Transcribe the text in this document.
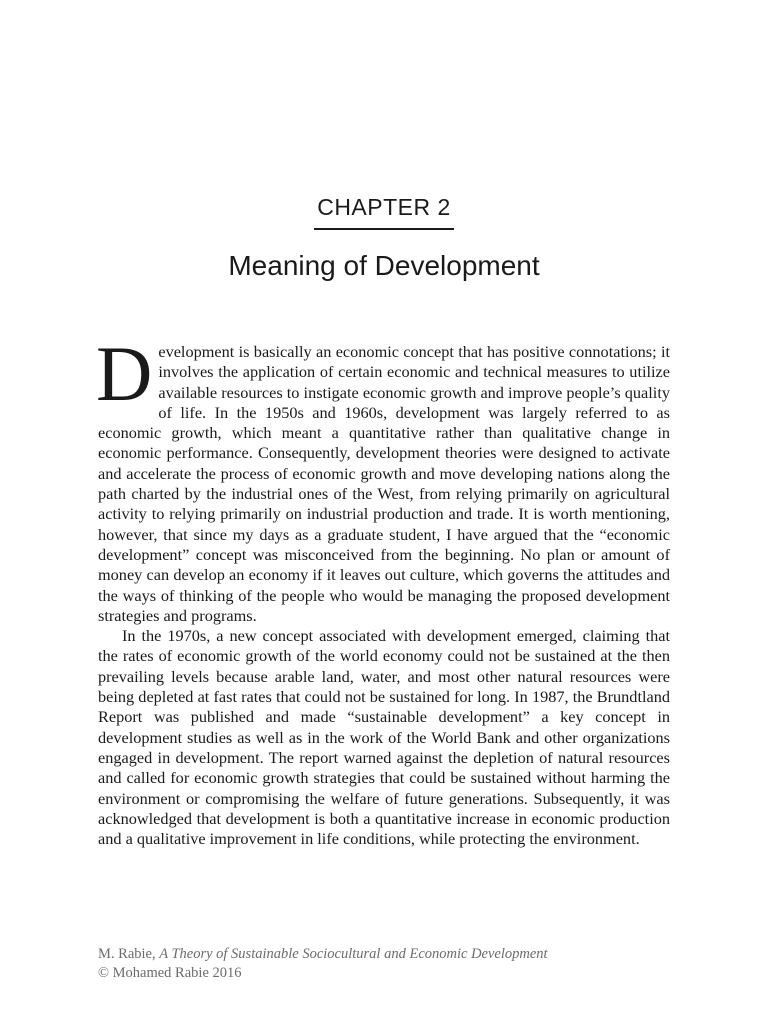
CHAPTER 2
Meaning of Development

Development is basically an economic concept that has positive connotations; it involves the application of certain economic and technical measures to utilize available resources to instigate economic growth and improve people’s quality of life. In the 1950s and 1960s, development was largely referred to as economic growth, which meant a quantitative rather than qualitative change in economic performance. Consequently, development theories were designed to activate and accelerate the process of economic growth and move developing nations along the path charted by the industrial ones of the West, from relying primarily on agricultural activity to relying primarily on industrial production and trade. It is worth mentioning, however, that since my days as a graduate student, I have argued that the “economic development” concept was misconceived from the beginning. No plan or amount of money can develop an economy if it leaves out culture, which governs the attitudes and the ways of thinking of the people who would be managing the proposed development strategies and programs.

In the 1970s, a new concept associated with development emerged, claiming that the rates of economic growth of the world economy could not be sustained at the then prevailing levels because arable land, water, and most other natural resources were being depleted at fast rates that could not be sustained for long. In 1987, the Brundtland Report was published and made “sustainable development” a key concept in development studies as well as in the work of the World Bank and other organizations engaged in development. The report warned against the depletion of natural resources and called for economic growth strategies that could be sustained without harming the environment or compromising the welfare of future generations. Subsequently, it was acknowledged that development is both a quantitative increase in economic production and a qualitative improvement in life conditions, while protecting the environment.

M. Rabie, A Theory of Sustainable Sociocultural and Economic Development
© Mohamed Rabie 2016
